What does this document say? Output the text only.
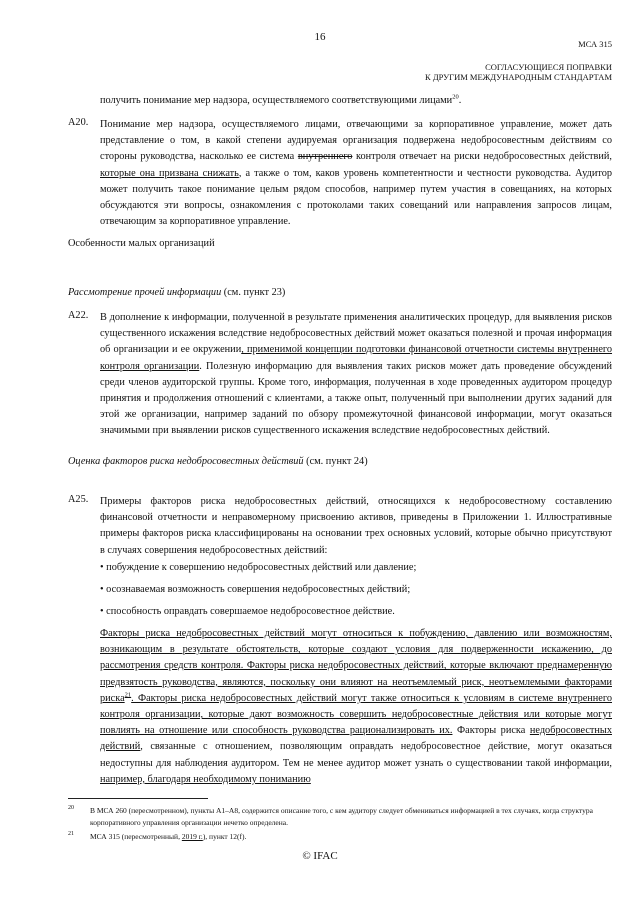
16
МСА 315
СОГЛАСУЮЩИЕСЯ ПОПРАВКИ
К ДРУГИМ МЕЖДУНАРОДНЫМ СТАНДАРТАМ
получить понимание мер надзора, осуществляемого соответствующими лицами$^{20}$.
A20. Понимание мер надзора, осуществляемого лицами, отвечающими за корпоративное управление, может дать представление о том, в какой степени аудируемая организация подвержена недобросовестным действиям со стороны руководства, насколько ее система внутреннего контроля отвечает на риски недобросовестных действий, которые она призвана снижать, а также о том, каков уровень компетентности и честности руководства. Аудитор может получить такое понимание целым рядом способов, например путем участия в совещаниях, на которых обсуждаются эти вопросы, ознакомления с протоколами таких совещаний или направления запросов лицам, отвечающим за корпоративное управление.
Особенности малых организаций
Рассмотрение прочей информации (см. пункт 23)
A22. В дополнение к информации, полученной в результате применения аналитических процедур, для выявления рисков существенного искажения вследствие недобросовестных действий может оказаться полезной и прочая информация об организации и ее окружении, применимой концепции подготовки финансовой отчетности системы внутреннего контроля организации. Полезную информацию для выявления таких рисков может дать проведение обсуждений среди членов аудиторской группы. Кроме того, информация, полученная в ходе проведенных аудитором процедур принятия и продолжения отношений с клиентами, а также опыт, полученный при выполнении других заданий для этой же организации, например заданий по обзору промежуточной финансовой информации, могут оказаться значимыми при выявлении рисков существенного искажения вследствие недобросовестных действий.
Оценка факторов риска недобросовестных действий (см. пункт 24)
A25. Примеры факторов риска недобросовестных действий, относящихся к недобросовестному составлению финансовой отчетности и неправомерному присвоению активов, приведены в Приложении 1. Иллюстративные примеры факторов риска классифицированы на основании трех основных условий, которые обычно присутствуют в случаях совершения недобросовестных действий:
• побуждение к совершению недобросовестных действий или давление;
• осознаваемая возможность совершения недобросовестных действий;
• способность оправдать совершаемое недобросовестное действие.
Факторы риска недобросовестных действий могут относиться к побуждению, давлению или возможностям, возникающим в результате обстоятельств, которые создают условия для подверженности искажению, до рассмотрения средств контроля. Факторы риска недобросовестных действий, которые включают преднамеренную предвзятость руководства, являются, поскольку они влияют на неотъемлемый риск, неотъемлемыми факторами риска$^{21}$. Факторы риска недобросовестных действий могут также относиться к условиям в системе внутреннего контроля организации, которые дают возможность совершить недобросовестные действия или которые могут повлиять на отношение или способность руководства рационализировать их. Факторы риска недобросовестных действий, связанные с отношением, позволяющим оправдать недобросовестное действие, могут оказаться недоступны для наблюдения аудитором. Тем не менее аудитор может узнать о существовании такой информации, например, благодаря необходимому пониманию
20	В МСА 260 (пересмотренном), пункты A1–A8, содержится описание того, с кем аудитору следует обмениваться информацией в тех случаях, когда структура корпоративного управления организации нечетко определена.
21	МСА 315 (пересмотренный, 2019 г.), пункт 12(f).
© IFAC
